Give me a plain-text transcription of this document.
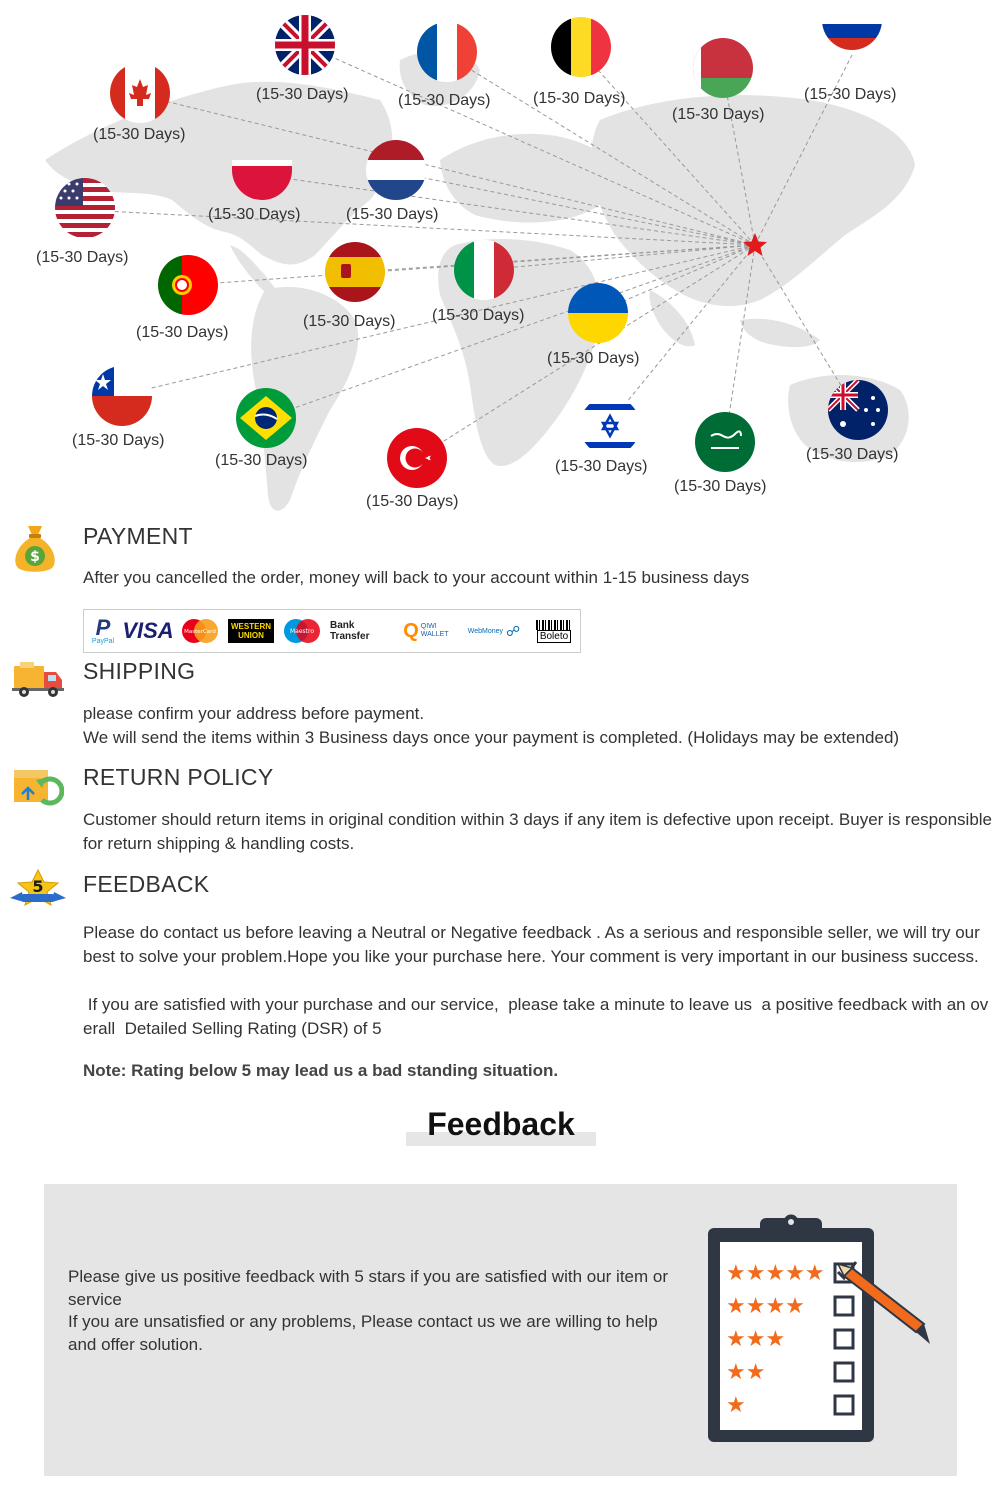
(15-30 Days)
(15-30 Days)	(15-30 Days)	(15-30 Days)
(15-30 Days)
(15-30 Days)
(15-30 Days)	(15-30 Days)
(15-30 Days)
(15-30 Days)
(15-30 Days) (15-30 Days)
(15-30 Days)
(15-30 Days)
(15-30 Days)
(15-30 Days)
(15-30 Days)
(15-30 Days)
(15-30 Days)
$
PAYMENT
After you cancelled the order, money will back to your account within 1-15 business days
P
PayPal VISA MasterCard
WESTERN UNION	Maestro
Bank Transfer	Q QIWI WALLET	WebMoney ☍	Boleto
SHIPPING
please confirm your address before payment.
We will send the items within 3 Business days once your payment is completed. (Holidays may be extended)
RETURN POLICY
Customer should return items in original condition within 3 days if any item is defective upon receipt. Buyer is responsible for return shipping & handling costs.
5 FEEDBACK
Please do contact us before leaving a Neutral or Negative feedback . As a serious and responsible seller, we will try our best to solve your problem.Hope you like your purchase here. Your comment is very important in our business success.
If you are satisfied with your purchase and our service,  please take a minute to leave us  a positive feedback with an overall  Detailed Selling Rating (DSR) of 5
Note: Rating below 5 may lead us a bad standing situation.
Feedback
Please give us positive feedback with 5 stars if you are satisfied with our item or service
If you are unsatisfied or any problems, Please contact us we are willing to help and offer solution.
★★★★★
★★★★
★★★
★★
★
